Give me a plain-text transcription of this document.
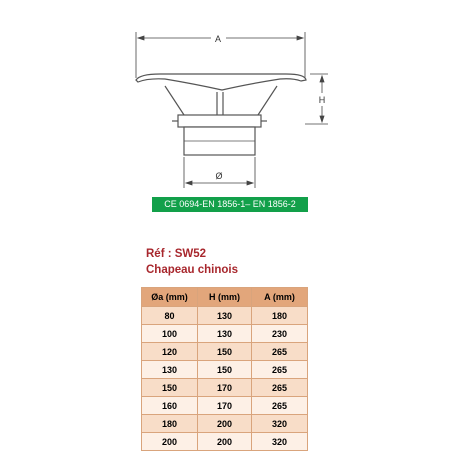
A
H
Ø
CE 0694-EN 1856-1– EN 1856-2
Réf : SW52
Chapeau chinois
Øa (mm)	H (mm)	A (mm)
80	130	180
100	130	230
120	150	265
130	150	265
150	170	265
160	170	265
180	200	320
200	200	320
